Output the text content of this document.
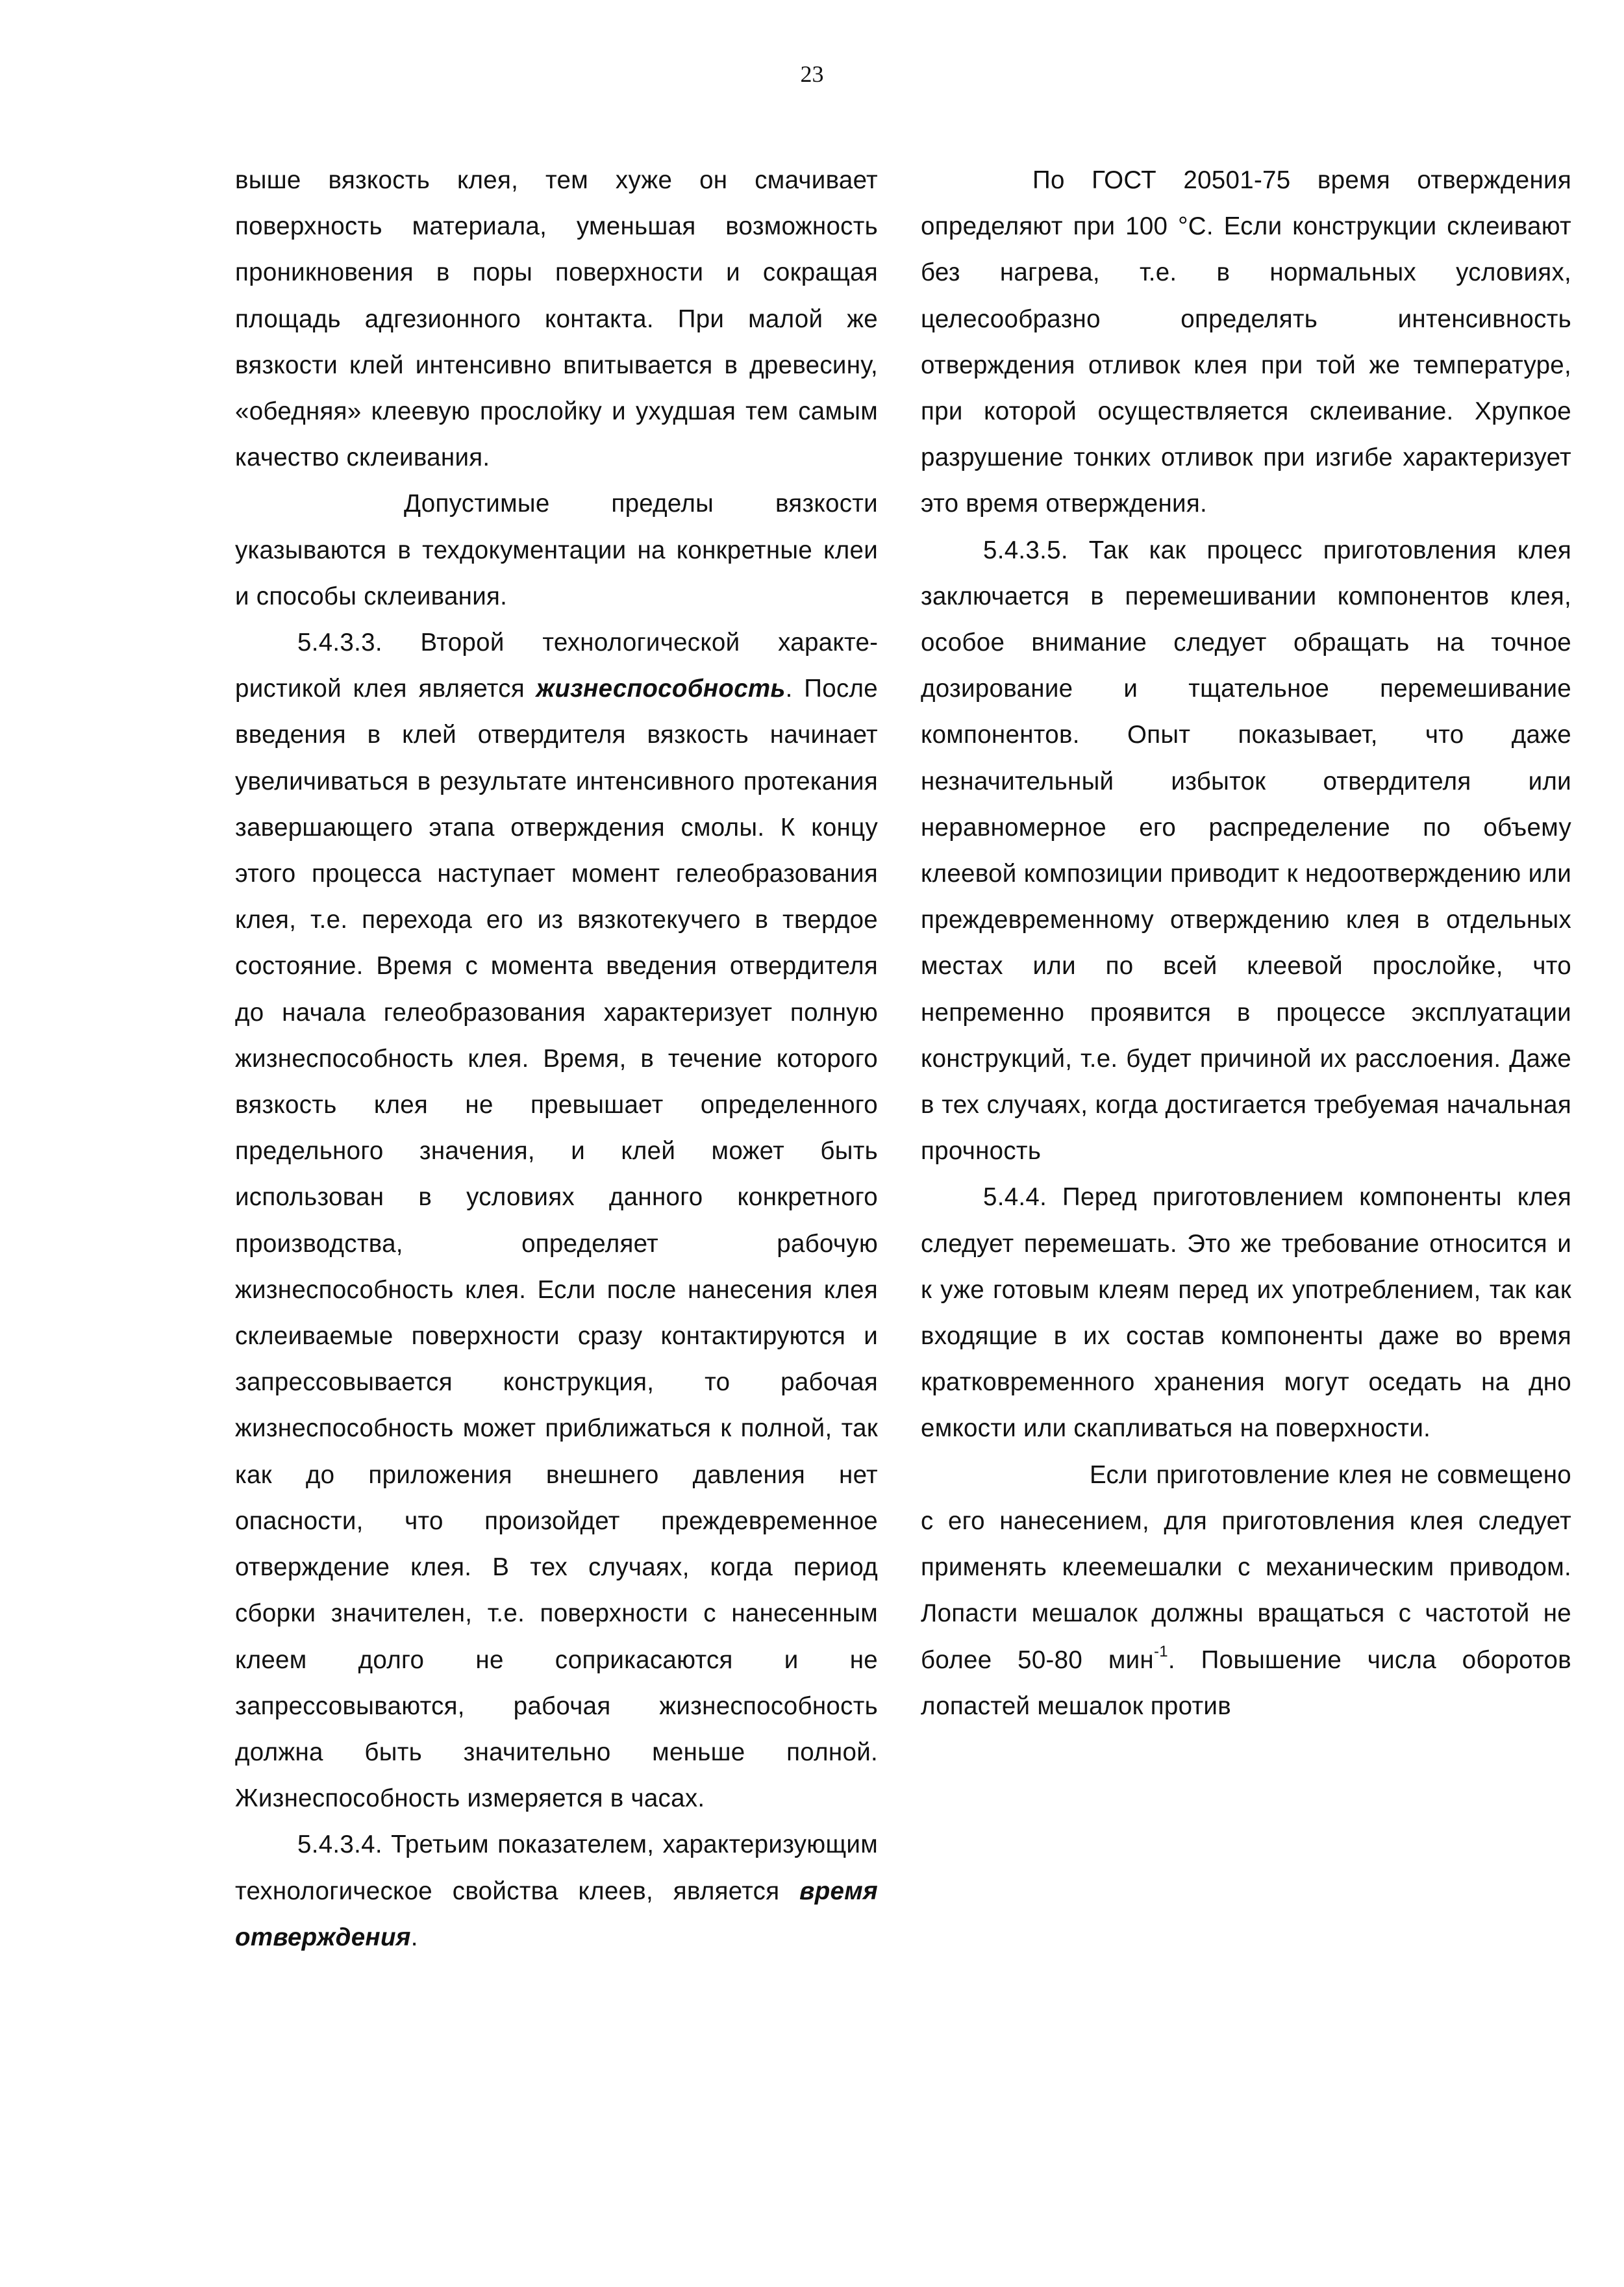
23

выше вязкость клея, тем хуже он смачивает поверхность материала, уменьшая возможность проникновения в поры поверхности и сокращая площадь адгезионного контакта. При малой же вязкости клей интенсивно впитывается в древесину, «обедняя» клеевую прослойку и ухудшая тем самым качество склеивания.

Допустимые пределы вязкости указываются в техдокументации на конкретные клеи и способы склеивания.

5.4.3.3. Второй технологической характеристикой клея является жизнеспособность. После введения в клей отвердителя вязкость начинает увеличиваться в результате интенсивного протекания завершающего этапа отверждения смолы. К концу этого процесса наступает момент гелеобразования клея, т.е. перехода его из вязкотекучего в твердое состояние. Время с момента введения отвердителя до начала гелеобразования характеризует полную жизнеспособность клея. Время, в течение которого вязкость клея не превышает определенного предельного значения, и клей может быть использован в условиях данного конкретного производства, определяет рабочую жизнеспособность клея. Если после нанесения клея склеиваемые поверхности сразу контактируются и запрессовывается конструкция, то рабочая жизнеспособность может приближаться к полной, так как до приложения внешнего давления нет опасности, что произойдет преждевременное отверждение клея. В тех случаях, когда период сборки значителен, т.е. поверхности с нанесенным клеем долго не соприкасаются и не запрессовываются, рабочая жизнеспособность должна быть значительно меньше полной. Жизнеспособность измеряется в часах.

5.4.3.4. Третьим показателем, характеризующим технологическое свойства клеев, является время отверждения.

По ГОСТ 20501-75 время отверждения определяют при 100 °С. Если конструкции склеивают без нагрева, т.е. в нормальных условиях, целесообразно определять интенсивность отверждения отливок клея при той же температуре, при которой осуществляется склеивание. Хрупкое разрушение тонких отливок при изгибе характеризует это время отверждения.

5.4.3.5. Так как процесс приготовления клея заключается в перемешивании компонентов клея, особое внимание следует обращать на точное дозирование и тщательное перемешивание компонентов. Опыт показывает, что даже незначительный избыток отвердителя или неравномерное его распределение по объему клеевой композиции приводит к недоотверждению или преждевременному отверждению клея в отдельных местах или по всей клеевой прослойке, что непременно проявится в процессе эксплуатации конструкций, т.е. будет причиной их расслоения. Даже в тех случаях, когда достигается требуемая начальная прочность

5.4.4. Перед приготовлением компоненты клея следует перемешать. Это же требование относится и к уже готовым клеям перед их употреблением, так как входящие в их состав компоненты даже во время кратковременного хранения могут оседать на дно емкости или скапливаться на поверхности.

Если приготовление клея не совмещено с его нанесением, для приготовления клея следует применять клеемешалки с механическим приводом. Лопасти мешалок должны вращаться с частотой не более 50-80 мин$^{-1}$. Повышение числа оборотов лопастей мешалок против
